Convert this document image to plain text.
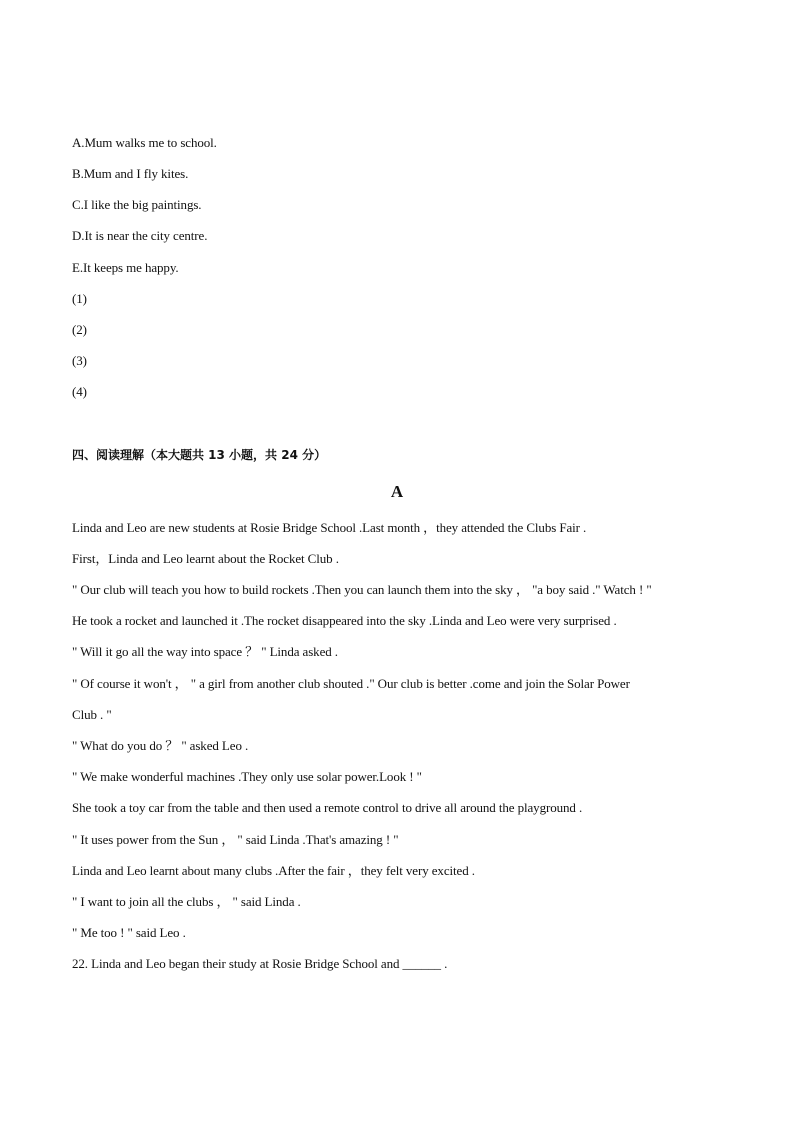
A.Mum walks me to school.
B.Mum and I fly kites.
C.I like the big paintings.
D.It is near the city centre.
E.It keeps me happy.
(1)
(2)
(3)
(4)
四、阅读理解（本大题共 13 小题，共 24 分）
A
Linda and Leo are new students at Rosie Bridge School .Last month ，they attended the Clubs Fair .
First，Linda and Leo learnt about the Rocket Club .
" Our club will teach you how to build rockets .Then you can launch them into the sky ， "a boy said ." Watch ! "
He took a rocket and launched it .The rocket disappeared into the sky .Linda and Leo were very surprised .
" Will it go all the way into space ？ " Linda asked .
" Of course it won't ， " a girl from another club shouted ." Our club is better .come and join the Solar Power
Club . "
" What do you do ？ " asked Leo .
" We make wonderful machines .They only use solar power.Look ! "
She took a toy car from the table and then used a remote control to drive all around the playground .
" It uses power from the Sun ， " said Linda .That's amazing ! "
Linda and Leo learnt about many clubs .After the fair ，they felt very excited .
" I want to join all the clubs ， " said Linda .
" Me too ! " said Leo .
22. Linda and Leo began their study at Rosie Bridge School and ______ .
